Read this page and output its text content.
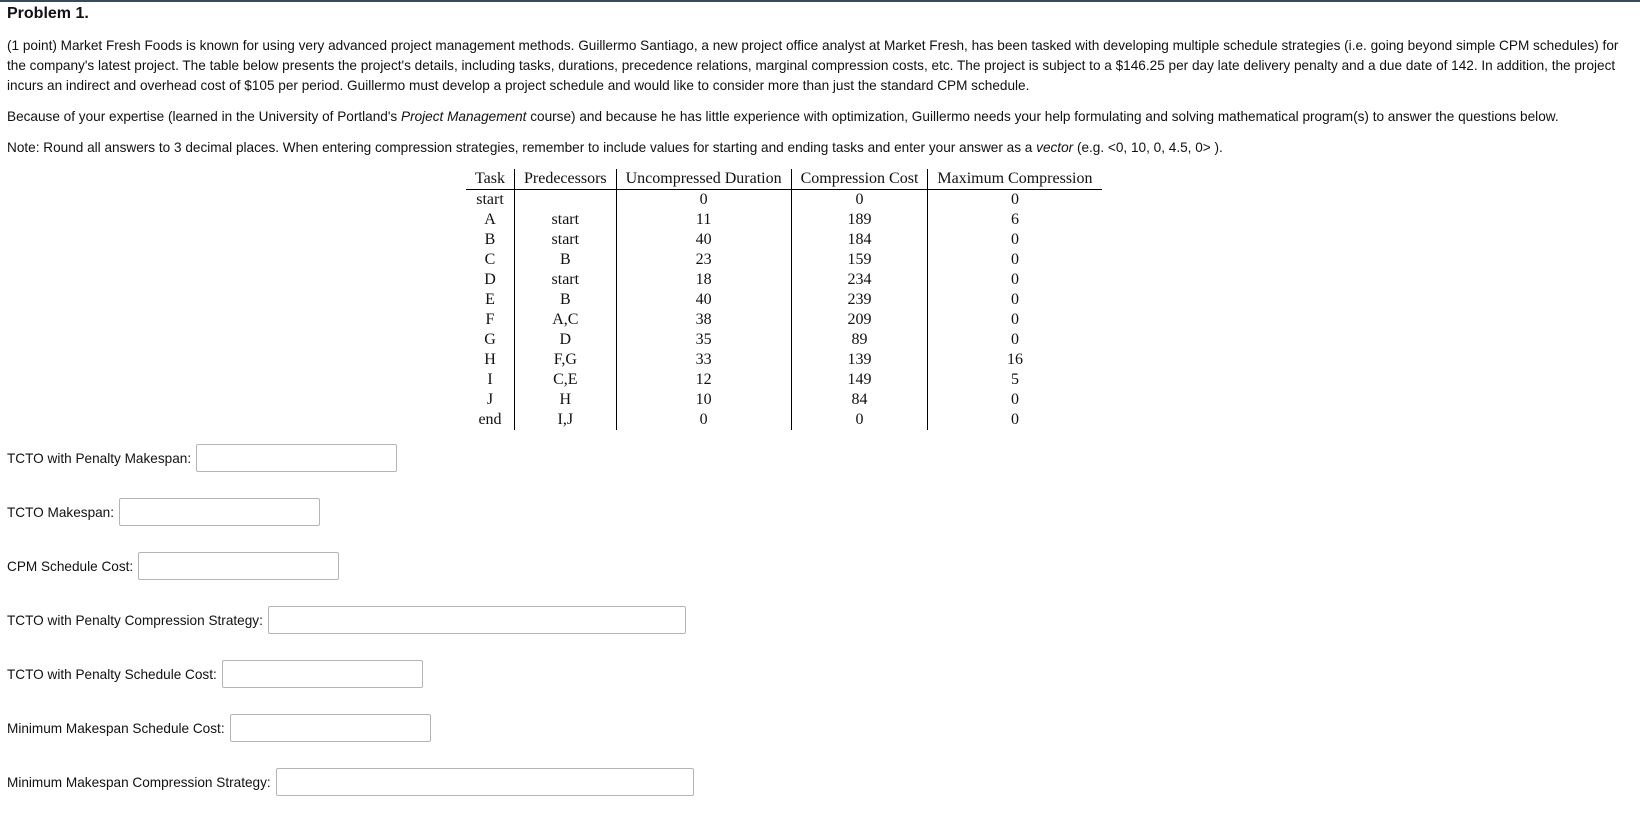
Problem 1.

(1 point) Market Fresh Foods is known for using very advanced project management methods. Guillermo Santiago, a new project office analyst at Market Fresh, has been tasked with developing multiple schedule strategies (i.e. going beyond simple CPM schedules) for the company's latest project. The table below presents the project's details, including tasks, durations, precedence relations, marginal compression costs, etc. The project is subject to a $146.25 per day late delivery penalty and a due date of 142. In addition, the project incurs an indirect and overhead cost of $105 per period. Guillermo must develop a project schedule and would like to consider more than just the standard CPM schedule.

Because of your expertise (learned in the University of Portland's Project Management course) and because he has little experience with optimization, Guillermo needs your help formulating and solving mathematical program(s) to answer the questions below.

Note: Round all answers to 3 decimal places. When entering compression strategies, remember to include values for starting and ending tasks and enter your answer as a vector (e.g. <0, 10, 0, 4.5, 0> ).

Task	Predecessors	Uncompressed Duration	Compression Cost	Maximum Compression
start		0	0	0
A	start	11	189	6
B	start	40	184	0
C	B	23	159	0
D	start	18	234	0
E	B	40	239	0
F	A,C	38	209	0
G	D	35	89	0
H	F,G	33	139	16
I	C,E	12	149	5
J	H	10	84	0
end	I,J	0	0	0
TCTO with Penalty Makespan:
TCTO Makespan:
CPM Schedule Cost:
TCTO with Penalty Compression Strategy:
TCTO with Penalty Schedule Cost:
Minimum Makespan Schedule Cost:
Minimum Makespan Compression Strategy:
